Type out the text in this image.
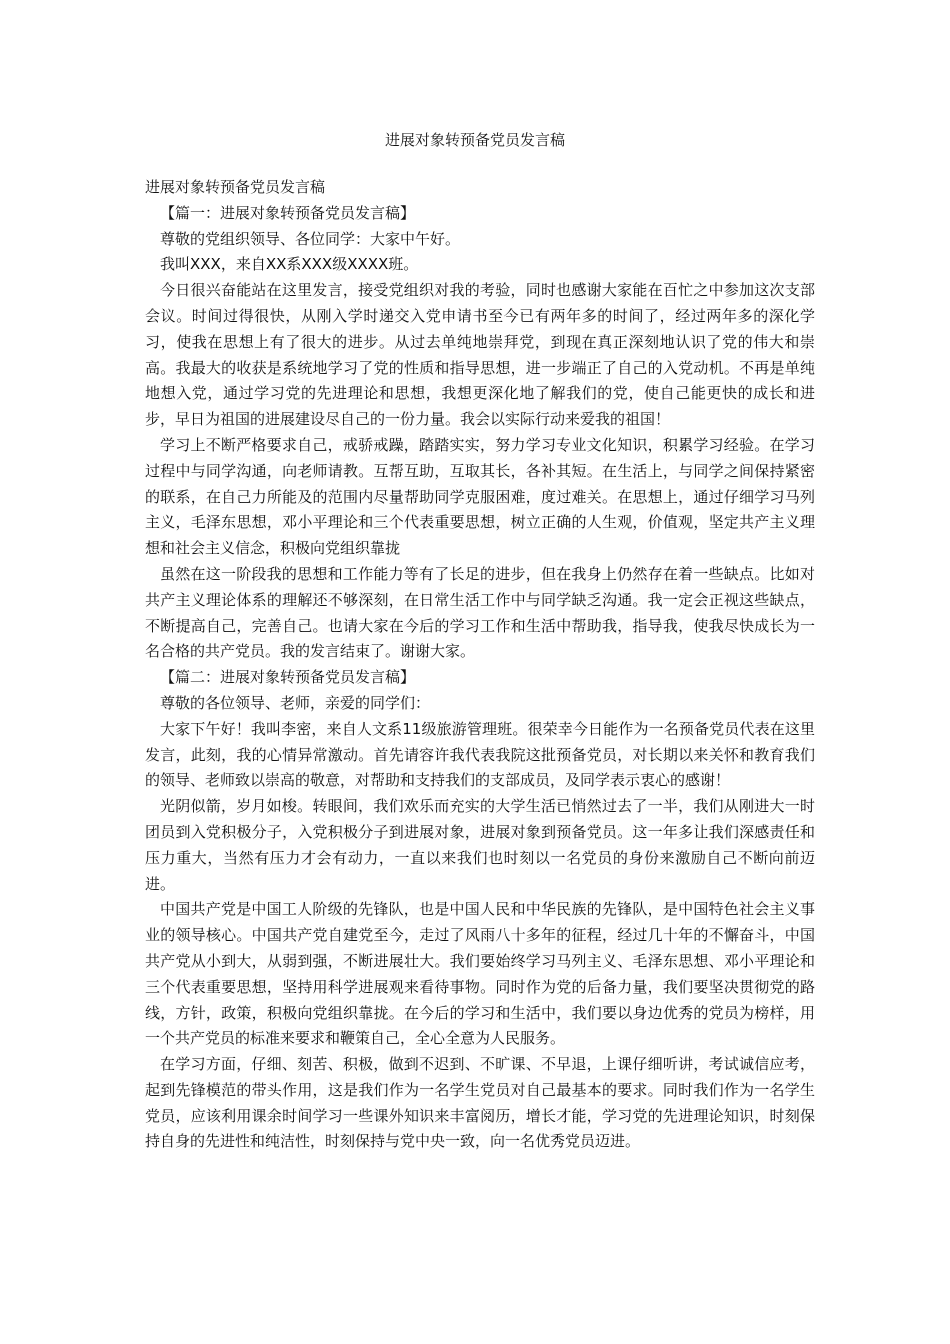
进展对象转预备党员发言稿

进展对象转预备党员发言稿

【篇一：进展对象转预备党员发言稿】

尊敬的党组织领导、各位同学：大家中午好。

我叫XXX，来自XX系XXX级XXXX班。

今日很兴奋能站在这里发言，接受党组织对我的考验，同时也感谢大家能在百忙之中参加这次支部会议。时间过得很快，从刚入学时递交入党申请书至今已有两年多的时间了，经过两年多的深化学习，使我在思想上有了很大的进步。从过去单纯地崇拜党，到现在真正深刻地认识了党的伟大和崇高。我最大的收获是系统地学习了党的性质和指导思想，进一步端正了自己的入党动机。不再是单纯地想入党，通过学习党的先进理论和思想，我想更深化地了解我们的党，使自己能更快的成长和进步，早日为祖国的进展建设尽自己的一份力量。我会以实际行动来爱我的祖国！

学习上不断严格要求自己，戒骄戒躁，踏踏实实，努力学习专业文化知识，积累学习经验。在学习过程中与同学沟通，向老师请教。互帮互助，互取其长，各补其短。在生活上，与同学之间保持紧密的联系，在自己力所能及的范围内尽量帮助同学克服困难，度过难关。在思想上，通过仔细学习马列主义，毛泽东思想，邓小平理论和三个代表重要思想，树立正确的人生观，价值观，坚定共产主义理想和社会主义信念，积极向党组织靠拢

虽然在这一阶段我的思想和工作能力等有了长足的进步，但在我身上仍然存在着一些缺点。比如对共产主义理论体系的理解还不够深刻，在日常生活工作中与同学缺乏沟通。我一定会正视这些缺点，不断提高自己，完善自己。也请大家在今后的学习工作和生活中帮助我，指导我，使我尽快成长为一名合格的共产党员。我的发言结束了。谢谢大家。

【篇二：进展对象转预备党员发言稿】

尊敬的各位领导、老师，亲爱的同学们：

大家下午好！我叫李密，来自人文系11级旅游管理班。很荣幸今日能作为一名预备党员代表在这里发言，此刻，我的心情异常激动。首先请容许我代表我院这批预备党员，对长期以来关怀和教育我们的领导、老师致以崇高的敬意，对帮助和支持我们的支部成员，及同学表示衷心的感谢！

光阴似箭，岁月如梭。转眼间，我们欢乐而充实的大学生活已悄然过去了一半，我们从刚进大一时团员到入党积极分子，入党积极分子到进展对象，进展对象到预备党员。这一年多让我们深感责任和压力重大，当然有压力才会有动力，一直以来我们也时刻以一名党员的身份来激励自己不断向前迈进。

中国共产党是中国工人阶级的先锋队，也是中国人民和中华民族的先锋队，是中国特色社会主义事业的领导核心。中国共产党自建党至今，走过了风雨八十多年的征程，经过几十年的不懈奋斗，中国共产党从小到大，从弱到强，不断进展壮大。我们要始终学习马列主义、毛泽东思想、邓小平理论和三个代表重要思想，坚持用科学进展观来看待事物。同时作为党的后备力量，我们要坚决贯彻党的路线，方针，政策，积极向党组织靠拢。在今后的学习和生活中，我们要以身边优秀的党员为榜样，用一个共产党员的标准来要求和鞭策自己，全心全意为人民服务。

在学习方面，仔细、刻苦、积极，做到不迟到、不旷课、不早退，上课仔细听讲，考试诚信应考，起到先锋模范的带头作用，这是我们作为一名学生党员对自己最基本的要求。同时我们作为一名学生党员，应该利用课余时间学习一些课外知识来丰富阅历，增长才能，学习党的先进理论知识，时刻保持自身的先进性和纯洁性，时刻保持与党中央一致，向一名优秀党员迈进。
